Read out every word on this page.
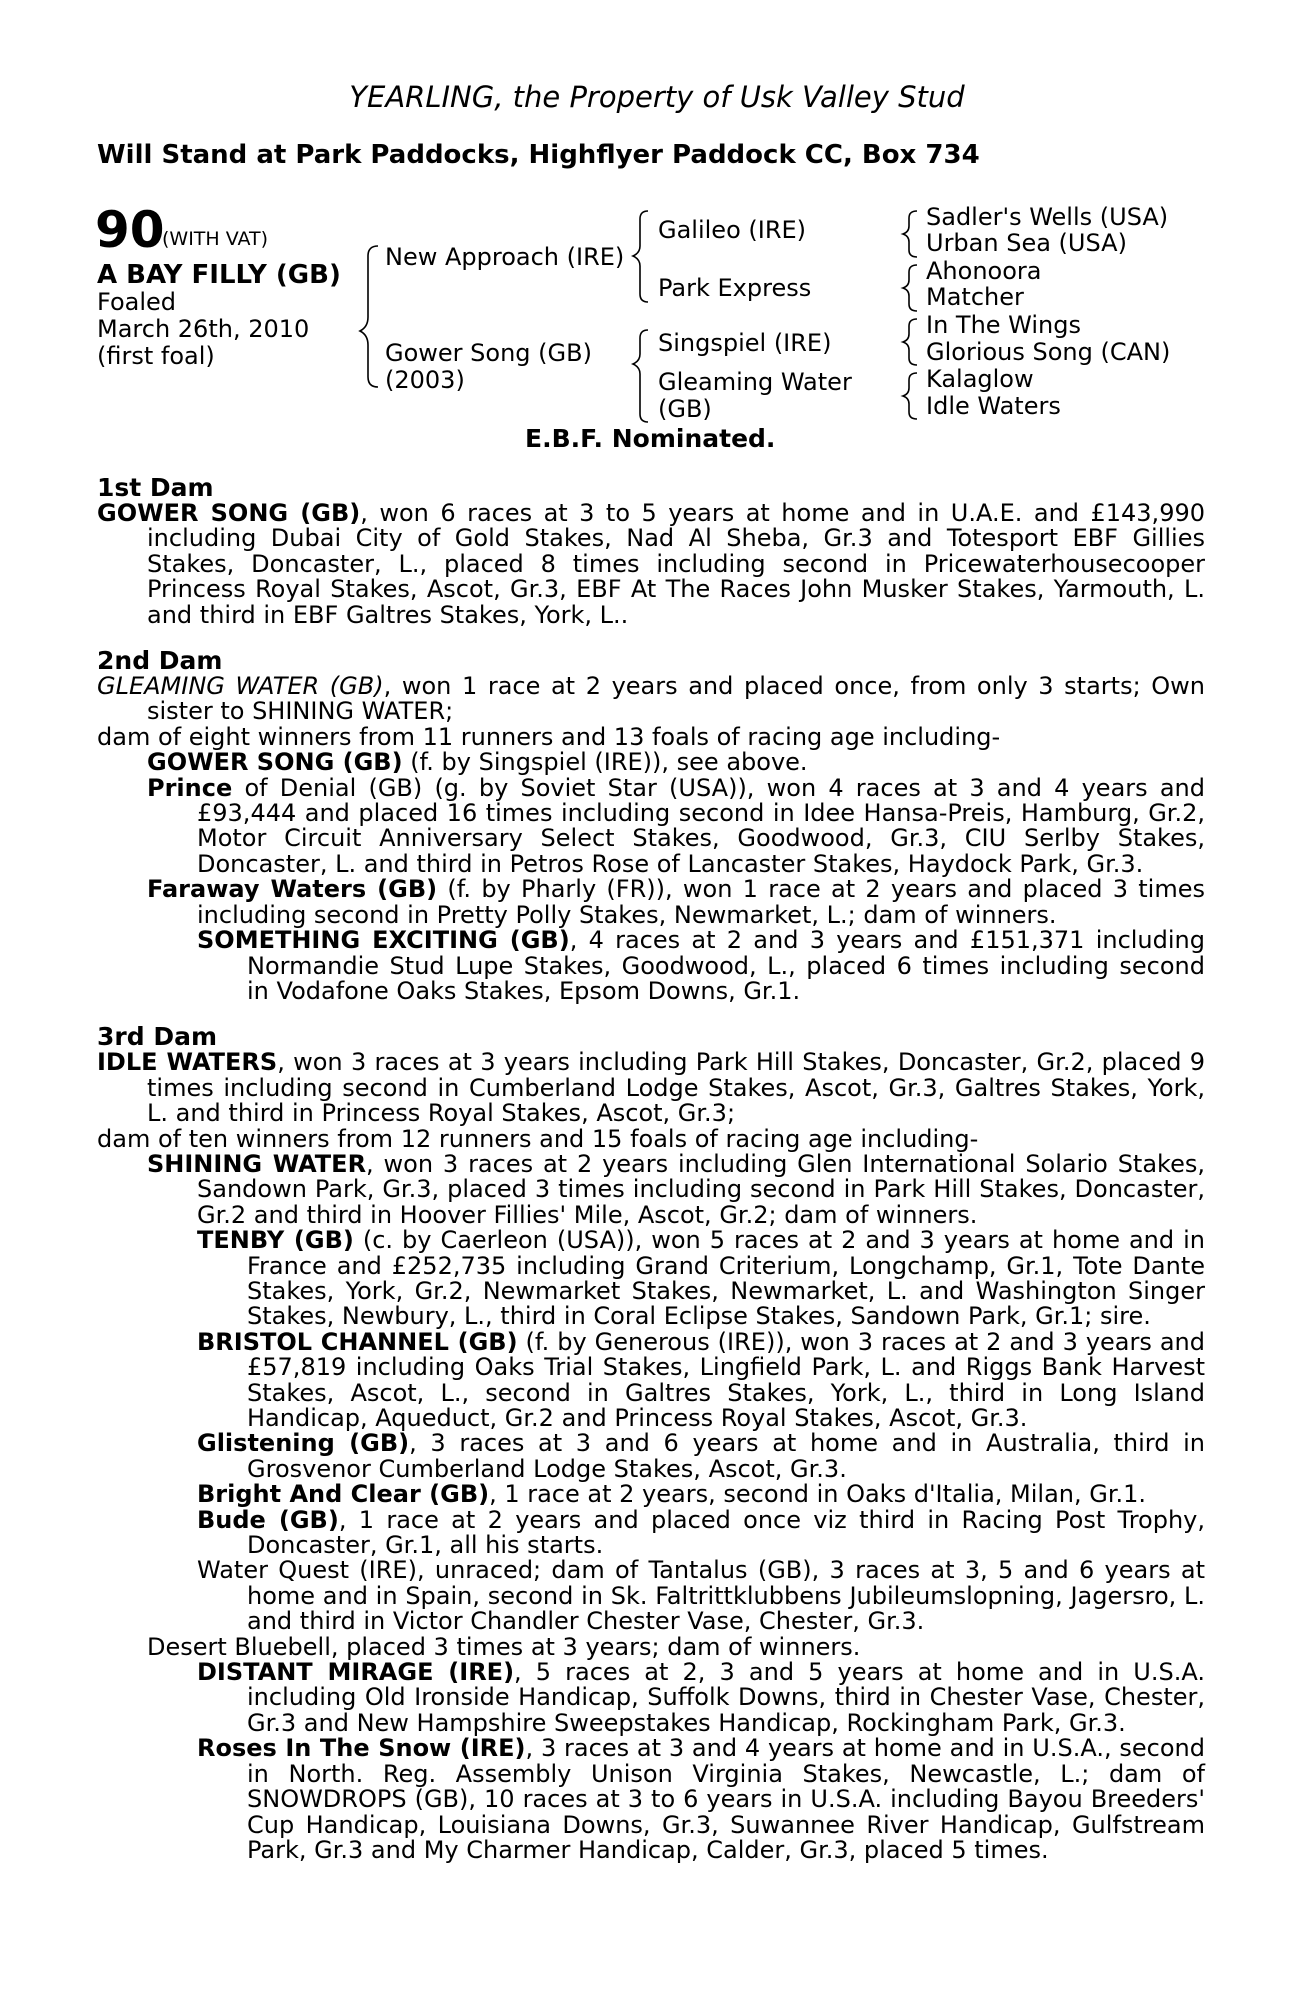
YEARLING, the Property of Usk Valley Stud
Will Stand at Park Paddocks, Highflyer Paddock CC, Box 734
90
(WITH VAT)
A BAY FILLY (GB)
Foaled
March 26th, 2010
(first foal)
New Approach (IRE)
Gower Song (GB)
(2003)
Galileo (IRE)
Park Express
Singspiel (IRE)
Gleaming Water
(GB)
Sadler's Wells (USA)
Urban Sea (USA)
Ahonoora
Matcher
In The Wings
Glorious Song (CAN)
Kalaglow
Idle Waters
E.B.F. Nominated.
1st Dam
GOWER SONG (GB), won 6 races at 3 to 5 years at home and in U.A.E. and £143,990 including Dubai City of Gold Stakes, Nad Al Sheba, Gr.3 and Totesport EBF Gillies Stakes, Doncaster, L., placed 8 times including second in Pricewaterhousecooper Princess Royal Stakes, Ascot, Gr.3, EBF At The Races John Musker Stakes, Yarmouth, L. and third in EBF Galtres Stakes, York, L..
2nd Dam
GLEAMING WATER (GB), won 1 race at 2 years and placed once, from only 3 starts; Own sister to SHINING WATER;
dam of eight winners from 11 runners and 13 foals of racing age including-
GOWER SONG (GB) (f. by Singspiel (IRE)), see above.
Prince of Denial (GB) (g. by Soviet Star (USA)), won 4 races at 3 and 4 years and £93,444 and placed 16 times including second in Idee Hansa-Preis, Hamburg, Gr.2, Motor Circuit Anniversary Select Stakes, Goodwood, Gr.3, CIU Serlby Stakes, Doncaster, L. and third in Petros Rose of Lancaster Stakes, Haydock Park, Gr.3.
Faraway Waters (GB) (f. by Pharly (FR)), won 1 race at 2 years and placed 3 times including second in Pretty Polly Stakes, Newmarket, L.; dam of winners.
SOMETHING EXCITING (GB), 4 races at 2 and 3 years and £151,371 including Normandie Stud Lupe Stakes, Goodwood, L., placed 6 times including second in Vodafone Oaks Stakes, Epsom Downs, Gr.1.
3rd Dam
IDLE WATERS, won 3 races at 3 years including Park Hill Stakes, Doncaster, Gr.2, placed 9 times including second in Cumberland Lodge Stakes, Ascot, Gr.3, Galtres Stakes, York, L. and third in Princess Royal Stakes, Ascot, Gr.3;
dam of ten winners from 12 runners and 15 foals of racing age including-
SHINING WATER, won 3 races at 2 years including Glen International Solario Stakes, Sandown Park, Gr.3, placed 3 times including second in Park Hill Stakes, Doncaster, Gr.2 and third in Hoover Fillies' Mile, Ascot, Gr.2; dam of winners.
TENBY (GB) (c. by Caerleon (USA)), won 5 races at 2 and 3 years at home and in France and £252,735 including Grand Criterium, Longchamp, Gr.1, Tote Dante Stakes, York, Gr.2, Newmarket Stakes, Newmarket, L. and Washington Singer Stakes, Newbury, L., third in Coral Eclipse Stakes, Sandown Park, Gr.1; sire.
BRISTOL CHANNEL (GB) (f. by Generous (IRE)), won 3 races at 2 and 3 years and £57,819 including Oaks Trial Stakes, Lingfield Park, L. and Riggs Bank Harvest Stakes, Ascot, L., second in Galtres Stakes, York, L., third in Long Island Handicap, Aqueduct, Gr.2 and Princess Royal Stakes, Ascot, Gr.3.
Glistening (GB), 3 races at 3 and 6 years at home and in Australia, third in Grosvenor Cumberland Lodge Stakes, Ascot, Gr.3.
Bright And Clear (GB), 1 race at 2 years, second in Oaks d'Italia, Milan, Gr.1.
Bude (GB), 1 race at 2 years and placed once viz third in Racing Post Trophy, Doncaster, Gr.1, all his starts.
Water Quest (IRE), unraced; dam of Tantalus (GB), 3 races at 3, 5 and 6 years at home and in Spain, second in Sk. Faltrittklubbens Jubileumslopning, Jagersro, L. and third in Victor Chandler Chester Vase, Chester, Gr.3.
Desert Bluebell, placed 3 times at 3 years; dam of winners.
DISTANT MIRAGE (IRE), 5 races at 2, 3 and 5 years at home and in U.S.A. including Old Ironside Handicap, Suffolk Downs, third in Chester Vase, Chester, Gr.3 and New Hampshire Sweepstakes Handicap, Rockingham Park, Gr.3.
Roses In The Snow (IRE), 3 races at 3 and 4 years at home and in U.S.A., second in North. Reg. Assembly Unison Virginia Stakes, Newcastle, L.; dam of SNOWDROPS (GB), 10 races at 3 to 6 years in U.S.A. including Bayou Breeders' Cup Handicap, Louisiana Downs, Gr.3, Suwannee River Handicap, Gulfstream Park, Gr.3 and My Charmer Handicap, Calder, Gr.3, placed 5 times.
